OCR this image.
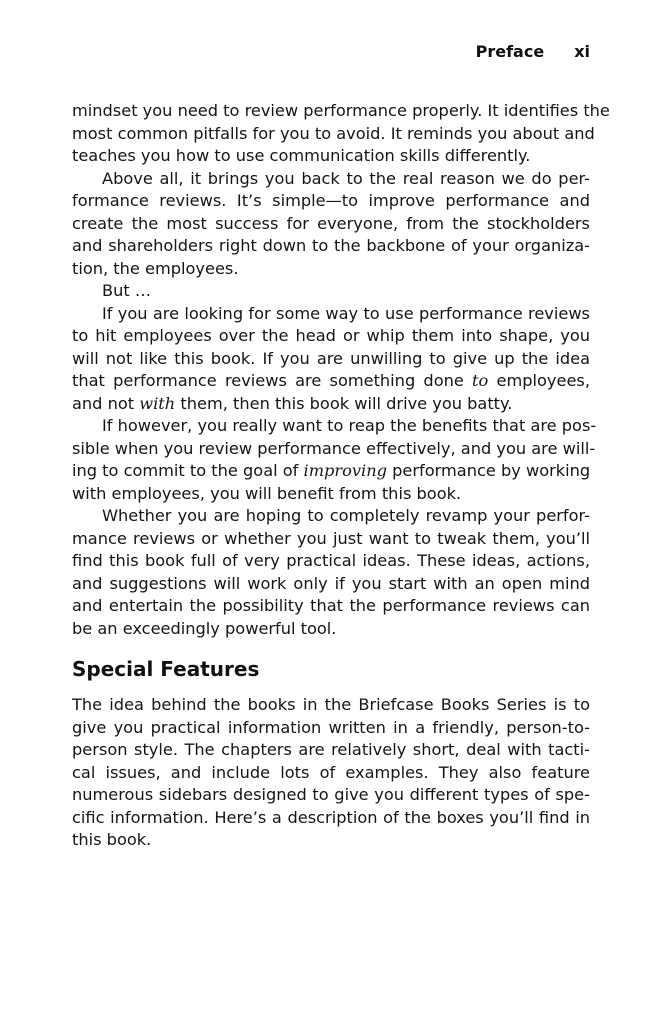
Preface xi
mindset you need to review performance properly. It identifies the
most common pitfalls for you to avoid. It reminds you about and
teaches you how to use communication skills differently.
Above all, it brings you back to the real reason we do per-
formance reviews. It’s simple—to improve performance and
create the most success for everyone, from the stockholders
and shareholders right down to the backbone of your organiza-
tion, the employees.
But …
If you are looking for some way to use performance reviews
to hit employees over the head or whip them into shape, you
will not like this book. If you are unwilling to give up the idea
that performance reviews are something done to employees,
and not with them, then this book will drive you batty.
If however, you really want to reap the benefits that are pos-
sible when you review performance effectively, and you are will-
ing to commit to the goal of improving performance by working
with employees, you will benefit from this book.
Whether you are hoping to completely revamp your perfor-
mance reviews or whether you just want to tweak them, you’ll
find this book full of very practical ideas. These ideas, actions,
and suggestions will work only if you start with an open mind
and entertain the possibility that the performance reviews can
be an exceedingly powerful tool.
Special Features
The idea behind the books in the Briefcase Books Series is to
give you practical information written in a friendly, person-to-
person style. The chapters are relatively short, deal with tacti-
cal issues, and include lots of examples. They also feature
numerous sidebars designed to give you different types of spe-
cific information. Here’s a description of the boxes you’ll find in
this book.
